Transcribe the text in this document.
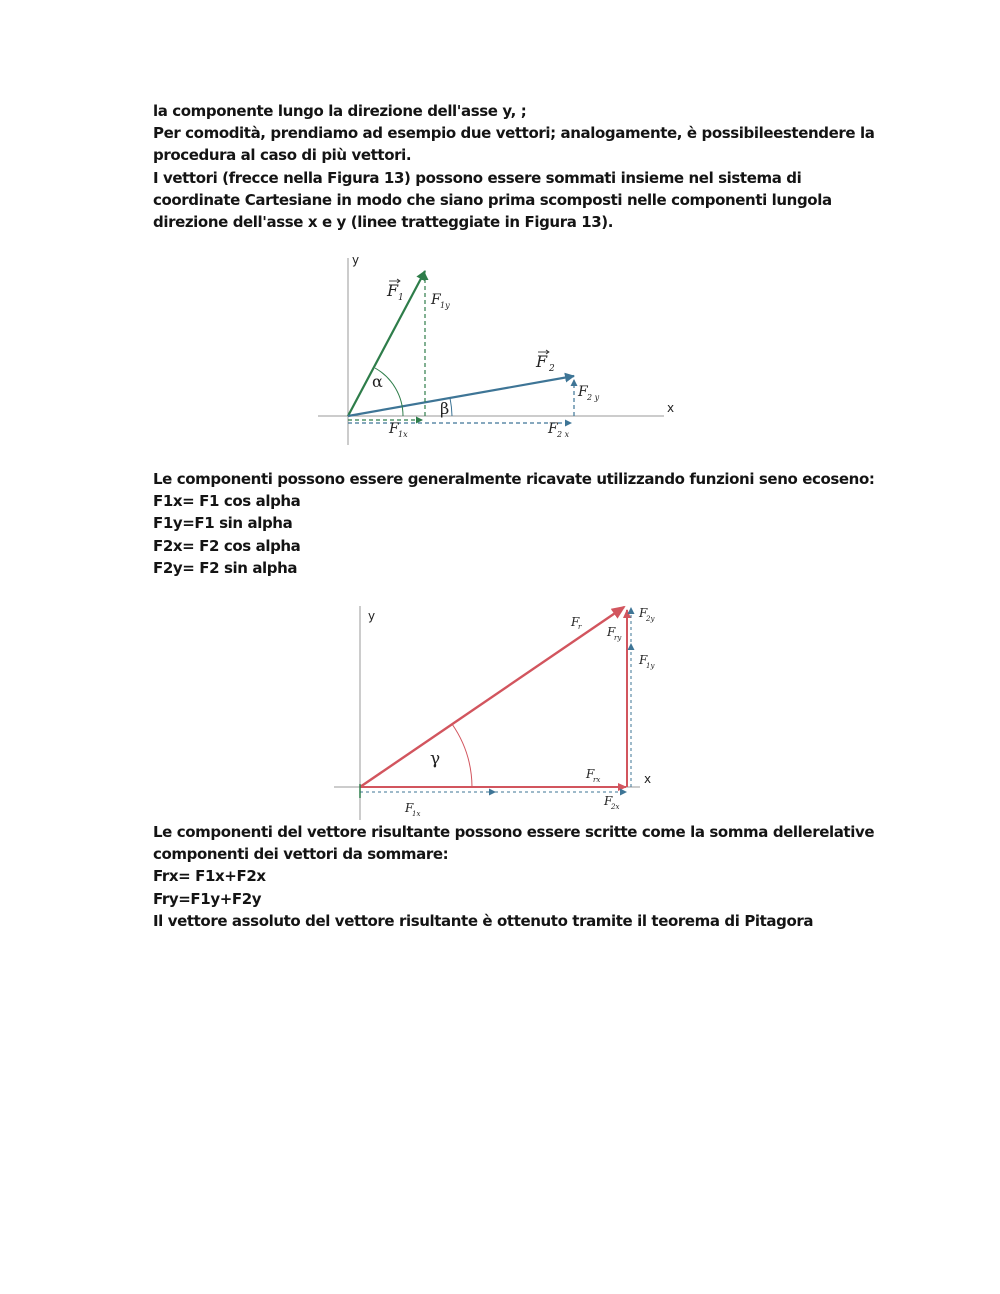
la componente lungo la direzione dell'asse y, ;
Per comodità, prendiamo ad esempio due vettori; analogamente, è possibileestendere la
procedura al caso di più vettori.
I vettori (frecce nella Figura 13) possono essere sommati insieme nel sistema di
coordinate Cartesiane in modo che siano prima scomposti nelle componenti lungola
direzione dell'asse x e y (linee tratteggiate in Figura 13).
x
y
α
β
F 1
F 2
F 1y
F 2 y
F 1x	F 2 x
Le componenti possono essere generalmente ricavate utilizzando funzioni seno ecoseno:
F1x= F1 cos alpha
F1y=F1 sin alpha
F2x= F2 cos alpha
F2y= F2 sin alpha
x
y
γ
F
r F
ry
F
2y
F
1y
F
rx
F
1x
F
2x
Le componenti del vettore risultante possono essere scritte come la somma dellerelative
componenti dei vettori da sommare:
Frx= F1x+F2x
Fry=F1y+F2y
Il vettore assoluto del vettore risultante è ottenuto tramite il teorema di Pitagora
